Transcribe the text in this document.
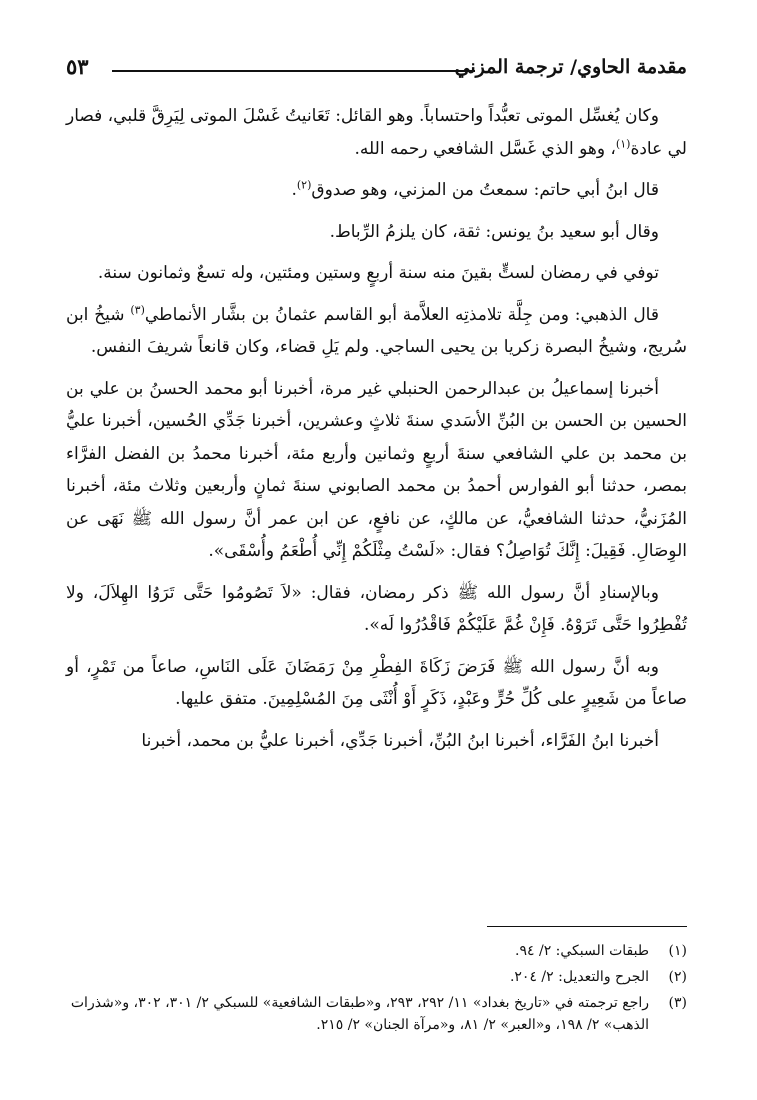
مقدمة الحاوي/ ترجمة المزني
٥٣

وكان يُغسِّل الموتى تعبُّداً واحتساباً. وهو القائل: تَعَانيتُ غَسْلَ الموتى لِيَرِقَّ قلبي، فصار لي عادة$^{(١)}$، وهو الذي غَسَّل الشافعي رحمه الله.

قال ابنُ أبي حاتم: سمعتُ من المزني، وهو صدوق$^{(٢)}$.

وقال أبو سعيد بنُ يونس: ثقة، كان يلزمُ الرِّباط.

توفي في رمضان لستٍّ بقينَ منه سنة أربعٍ وستين ومئتين، وله تسعٌ وثمانون سنة.

قال الذهبي: ومن جِلَّة تلامذتِه العلاَّمة أبو القاسم عثمانُ بن بشَّار الأنماطي$^{(٣)}$ شيخُ ابن سُريج، وشيخُ البصرة زكريا بن يحيى الساجي. ولم يَلِ قضاء، وكان قانعاً شريفَ النفس.

أخبرنا إسماعيلُ بن عبدالرحمن الحنبلي غير مرة، أخبرنا أبو محمد الحسنُ بن علي بن الحسين بن الحسن بن البُنِّ الأسَدي سنةَ ثلاثٍ وعشرين، أخبرنا جَدِّي الحُسين، أخبرنا عليُّ بن محمد بن علي الشافعي سنةَ أربعٍ وثمانين وأربع مئة، أخبرنا محمدُ بن الفضل الفرَّاء بمصر، حدثنا أبو الفوارس أحمدُ بن محمد الصابوني سنةَ ثمانٍ وأربعين وثلاث مئة، أخبرنا المُزَنيُّ، حدثنا الشافعيُّ، عن مالكٍ، عن نافعٍ، عن ابن عمر أنَّ رسول الله ﷺ نَهَى عن الوِصَالِ. فَقِيلَ: إِنَّكَ تُوَاصِلُ؟ فقال: «لَسْتُ مِثْلَكُمْ إِنِّي أُطْعَمُ وأُسْقَى».

وبالإسنادِ أنَّ رسول الله ﷺ ذكر رمضان، فقال: «لاَ تَصُومُوا حَتَّى تَرَوُا الهِلاَلَ، ولا تُفْطِرُوا حَتَّى تَرَوْهُ. فَإِنْ غُمَّ عَلَيْكُمْ فَاقْدُرُوا لَه».

وبه أنَّ رسول الله ﷺ فَرَضَ زَكَاةَ الفِطْرِ مِنْ رَمَضَانَ عَلَى النَاسِ، صاعاً من تَمْرٍ، أو صاعاً من شَعِيرٍ على كُلِّ حُرٍّ وعَبْدٍ، ذَكَرٍ أَوْ أُنْثَى مِنَ المُسْلِمِينَ. متفق عليها.

أخبرنا ابنُ الفَرَّاء، أخبرنا ابنُ البُنِّ، أخبرنا جَدِّي، أخبرنا عليُّ بن محمد، أخبرنا

(١)
طبقات السبكي: ٢/ ٩٤.
(٢)
الجرح والتعديل: ٢/ ٢٠٤.
(٣)
راجع ترجمته في «تاريخ بغداد» ١١/ ٢٩٢، ٢٩٣، و«طبقات الشافعية» للسبكي ٢/ ٣٠١، ٣٠٢، و«شذرات الذهب» ٢/ ١٩٨، و«العبر» ٢/ ٨١، و«مرآة الجنان» ٢/ ٢١٥.
